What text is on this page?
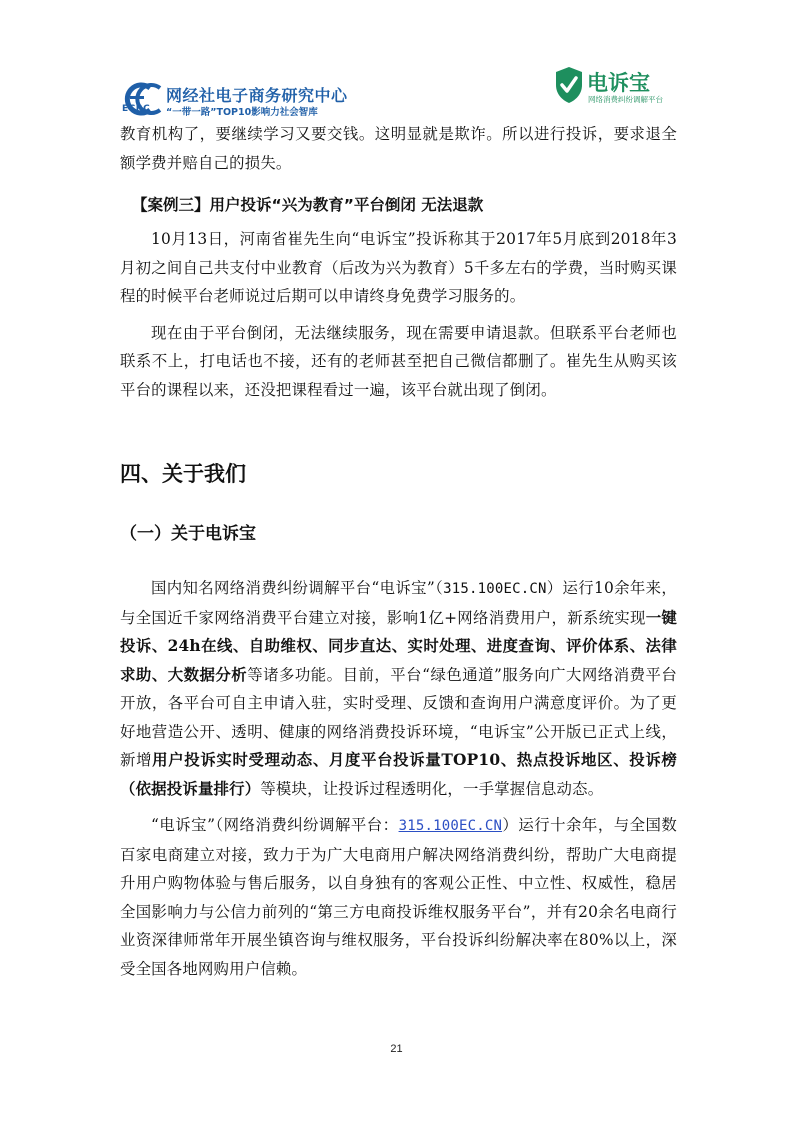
ECRC
网经社电子商务研究中心
“一带一路”TOP10影响力社会智库
电诉宝
网络消费纠纷调解平台

教育机构了，要继续学习又要交钱。这明显就是欺诈。所以进行投诉，要求退全额学费并赔自己的损失。

【案例三】用户投诉“兴为教育”平台倒闭 无法退款

10月13日，河南省崔先生向“电诉宝”投诉称其于2017年5月底到2018年3月初之间自己共支付中业教育（后改为兴为教育）5千多左右的学费，当时购买课程的时候平台老师说过后期可以申请终身免费学习服务的。

现在由于平台倒闭，无法继续服务，现在需要申请退款。但联系平台老师也联系不上，打电话也不接，还有的老师甚至把自己微信都删了。崔先生从购买该平台的课程以来，还没把课程看过一遍，该平台就出现了倒闭。

四、关于我们
（一）关于电诉宝

国内知名网络消费纠纷调解平台“电诉宝”（315.100EC.CN）运行10余年来，与全国近千家网络消费平台建立对接，影响1亿+网络消费用户，新系统实现一键投诉、24h在线、自助维权、同步直达、实时处理、进度查询、评价体系、法律求助、大数据分析等诸多功能。目前，平台“绿色通道”服务向广大网络消费平台开放，各平台可自主申请入驻，实时受理、反馈和查询用户满意度评价。为了更好地营造公开、透明、健康的网络消费投诉环境，“电诉宝”公开版已正式上线，新增用户投诉实时受理动态、月度平台投诉量TOP10、热点投诉地区、投诉榜（依据投诉量排行）等模块，让投诉过程透明化，一手掌握信息动态。

“电诉宝”（网络消费纠纷调解平台：315.100EC.CN）运行十余年，与全国数百家电商建立对接，致力于为广大电商用户解决网络消费纠纷，帮助广大电商提升用户购物体验与售后服务，以自身独有的客观公正性、中立性、权威性，稳居全国影响力与公信力前列的“第三方电商投诉维权服务平台”，并有20余名电商行业资深律师常年开展坐镇咨询与维权服务，平台投诉纠纷解决率在80%以上，深受全国各地网购用户信赖。

21
